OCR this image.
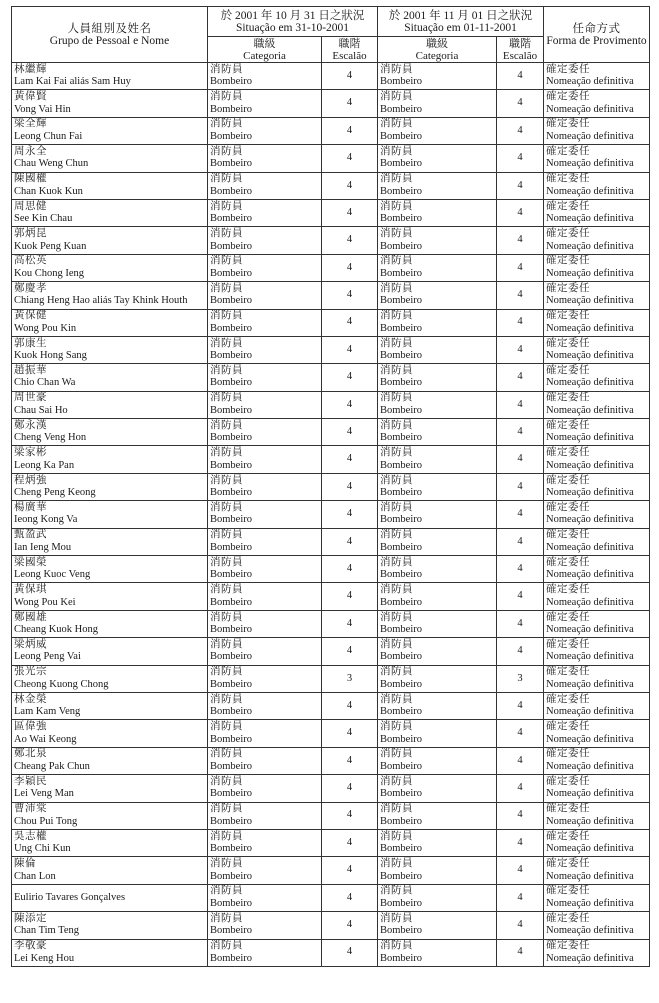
人員組別及姓名
Grupo de Pessoal e Nome	於 2001 年 10 月 31 日之狀況
Situação em 31-10-2001		於 2001 年 11 月 01 日之狀況
Situação em 01-11-2001		任命方式
Forma de Provimento
	職級
Categoria	職階
Escalão	職級
Categoria	職階
Escalão	

林繼輝
Lam Kai Fai aliás Sam Huy	消防員
Bombeiro	4	消防員
Bombeiro	4	確定委任
Nomeação definitiva

黃偉賢
Vong Vai Hin	消防員
Bombeiro	4	消防員
Bombeiro	4	確定委任
Nomeação definitiva

梁全輝
Leong Chun Fai	消防員
Bombeiro	4	消防員
Bombeiro	4	確定委任
Nomeação definitiva

周永全
Chau Weng Chun	消防員
Bombeiro	4	消防員
Bombeiro	4	確定委任
Nomeação definitiva

陳國權
Chan Kuok Kun	消防員
Bombeiro	4	消防員
Bombeiro	4	確定委任
Nomeação definitiva

周思健
See Kin Chau	消防員
Bombeiro	4	消防員
Bombeiro	4	確定委任
Nomeação definitiva

郭炳昆
Kuok Peng Kuan	消防員
Bombeiro	4	消防員
Bombeiro	4	確定委任
Nomeação definitiva

高松英
Kou Chong Ieng	消防員
Bombeiro	4	消防員
Bombeiro	4	確定委任
Nomeação definitiva

鄭慶孝
Chiang Heng Hao aliás Tay Khink Houth	消防員
Bombeiro	4	消防員
Bombeiro	4	確定委任
Nomeação definitiva

黃保健
Wong Pou Kin	消防員
Bombeiro	4	消防員
Bombeiro	4	確定委任
Nomeação definitiva

郭康生
Kuok Hong Sang	消防員
Bombeiro	4	消防員
Bombeiro	4	確定委任
Nomeação definitiva

趙振華
Chio Chan Wa	消防員
Bombeiro	4	消防員
Bombeiro	4	確定委任
Nomeação definitiva

周世豪
Chau Sai Ho	消防員
Bombeiro	4	消防員
Bombeiro	4	確定委任
Nomeação definitiva

鄭永漢
Cheng Veng Hon	消防員
Bombeiro	4	消防員
Bombeiro	4	確定委任
Nomeação definitiva

梁家彬
Leong Ka Pan	消防員
Bombeiro	4	消防員
Bombeiro	4	確定委任
Nomeação definitiva

程炳強
Cheng Peng Keong	消防員
Bombeiro	4	消防員
Bombeiro	4	確定委任
Nomeação definitiva

楊廣華
Ieong Kong Va	消防員
Bombeiro	4	消防員
Bombeiro	4	確定委任
Nomeação definitiva

甄盈武
Ian Ieng Mou	消防員
Bombeiro	4	消防員
Bombeiro	4	確定委任
Nomeação definitiva

梁國榮
Leong Kuoc Veng	消防員
Bombeiro	4	消防員
Bombeiro	4	確定委任
Nomeação definitiva

黃保琪
Wong Pou Kei	消防員
Bombeiro	4	消防員
Bombeiro	4	確定委任
Nomeação definitiva

鄭國雄
Cheang Kuok Hong	消防員
Bombeiro	4	消防員
Bombeiro	4	確定委任
Nomeação definitiva

梁炳威
Leong Peng Vai	消防員
Bombeiro	4	消防員
Bombeiro	4	確定委任
Nomeação definitiva

張光宗
Cheong Kuong Chong	消防員
Bombeiro	3	消防員
Bombeiro	3	確定委任
Nomeação definitiva

林金榮
Lam Kam Veng	消防員
Bombeiro	4	消防員
Bombeiro	4	確定委任
Nomeação definitiva

區偉強
Ao Wai Keong	消防員
Bombeiro	4	消防員
Bombeiro	4	確定委任
Nomeação definitiva

鄭北泉
Cheang Pak Chun	消防員
Bombeiro	4	消防員
Bombeiro	4	確定委任
Nomeação definitiva

李穎民
Lei Veng Man	消防員
Bombeiro	4	消防員
Bombeiro	4	確定委任
Nomeação definitiva

曹沛棠
Chou Pui Tong	消防員
Bombeiro	4	消防員
Bombeiro	4	確定委任
Nomeação definitiva

吳志權
Ung Chi Kun	消防員
Bombeiro	4	消防員
Bombeiro	4	確定委任
Nomeação definitiva

陳倫
Chan Lon	消防員
Bombeiro	4	消防員
Bombeiro	4	確定委任
Nomeação definitiva

Eulirio Tavares Gonçalves	消防員
Bombeiro	4	消防員
Bombeiro	4	確定委任
Nomeação definitiva

陳添定
Chan Tim Teng	消防員
Bombeiro	4	消防員
Bombeiro	4	確定委任
Nomeação definitiva

李敬豪
Lei Keng Hou	消防員
Bombeiro	4	消防員
Bombeiro	4	確定委任
Nomeação definitiva
